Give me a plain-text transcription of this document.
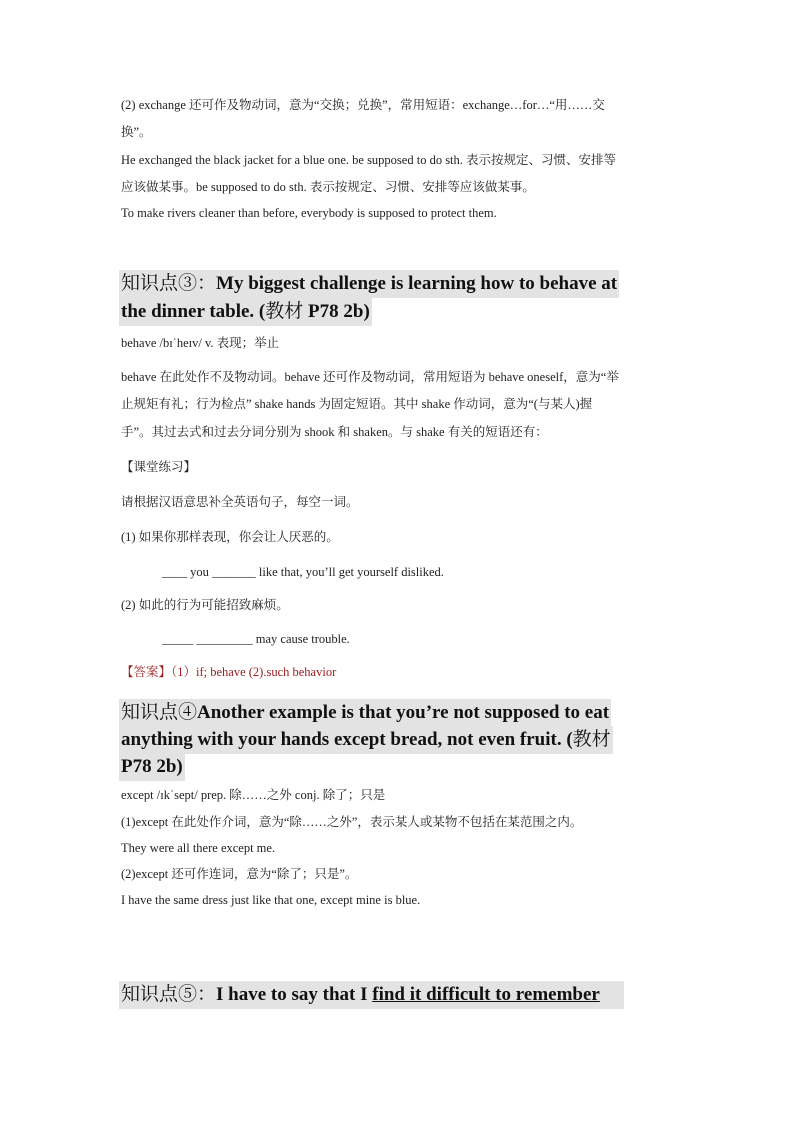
(2) exchange 还可作及物动词，意为“交换；兑换”，常用短语：exchange…for…“用……交
换”。
He exchanged the black jacket for a blue one. be supposed to do sth. 表示按规定、习惯、安排等
应该做某事。be supposed to do sth. 表示按规定、习惯、安排等应该做某事。
To make rivers cleaner than before, everybody is supposed to protect them.
知识点③：My biggest challenge is learning how to behave at
the dinner table. (教材 P78 2b)
behave /bɪˈheɪv/ v. 表现；举止
behave 在此处作不及物动词。behave 还可作及物动词，常用短语为 behave oneself，意为“举
止规矩有礼；行为检点” shake hands 为固定短语。其中 shake 作动词，意为“(与某人)握
手”。其过去式和过去分词分别为 shook 和 shaken。与 shake 有关的短语还有：
【课堂练习】
请根据汉语意思补全英语句子，每空一词。
(1) 如果你那样表现，你会让人厌恶的。
____ you _______ like that, you’ll get yourself disliked.
(2) 如此的行为可能招致麻烦。
_____ _________ may cause trouble.
【答案】（1）if; behave (2).such behavior
知识点④Another example is that you’re not supposed to eat
anything with your hands except bread, not even fruit. (教材
P78 2b)
except /ɪkˈsept/ prep. 除……之外 conj. 除了；只是
(1)except 在此处作介词，意为“除……之外”，表示某人或某物不包括在某范围之内。
They were all there except me.
(2)except 还可作连词，意为“除了；只是”。
I have the same dress just like that one, except mine is blue.
知识点⑤：I have to say that I find it difficult to remember
